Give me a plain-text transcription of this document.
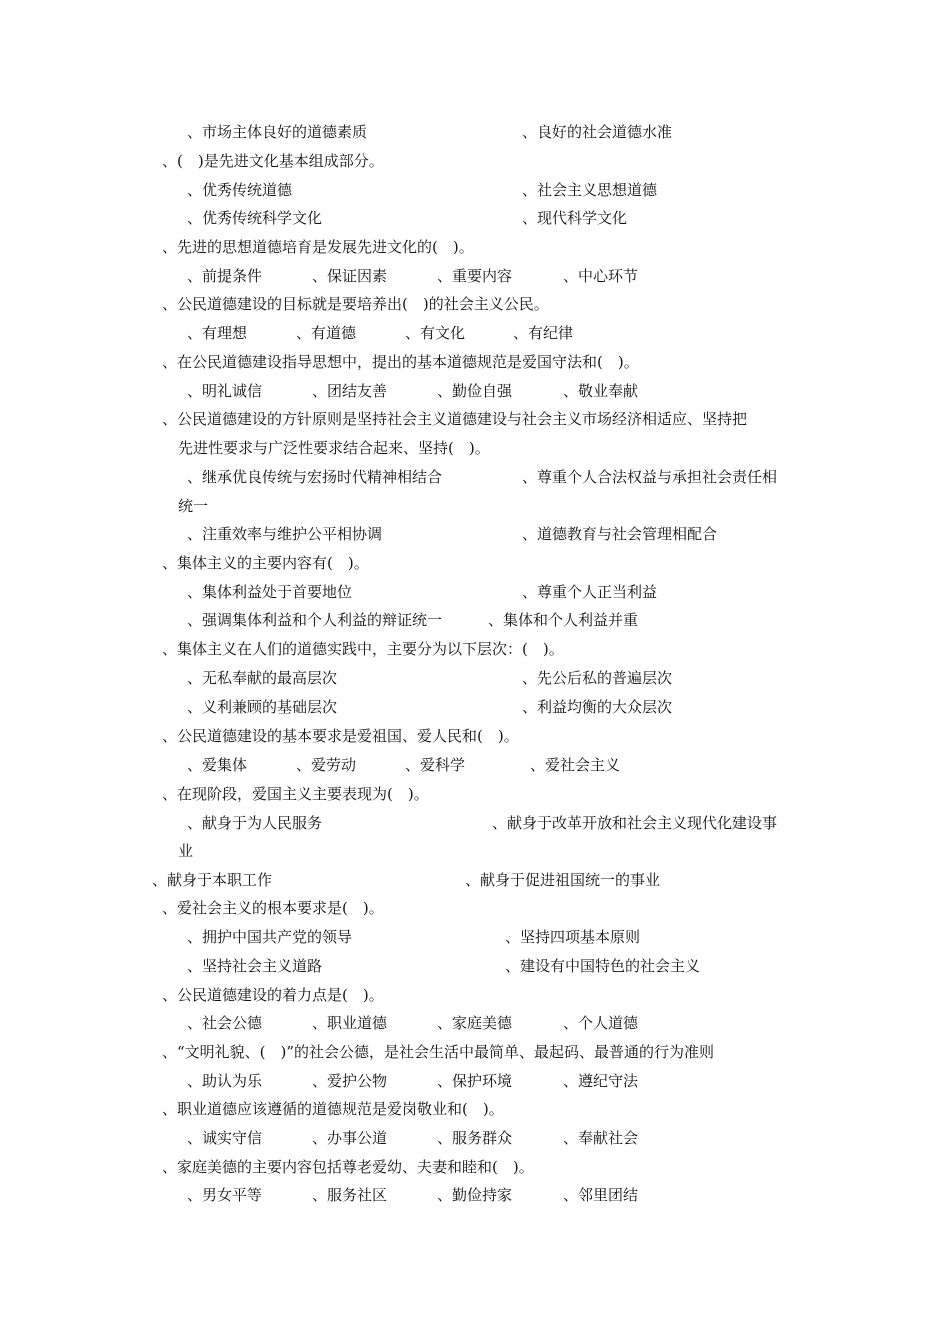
、市场主体良好的道德素质	、良好的社会道德水准
、(　)是先进文化基本组成部分。
、优秀传统道德	、社会主义思想道德
、优秀传统科学文化	、现代科学文化
、先进的思想道德培育是发展先进文化的(　)。
、前提条件	、保证因素	、重要内容	、中心环节
、公民道德建设的目标就是要培养出(　)的社会主义公民。
、有理想	、有道德	、有文化	、有纪律
、在公民道德建设指导思想中，提出的基本道德规范是爱国守法和(　)。
、明礼诚信	、团结友善	、勤俭自强	、敬业奉献
、公民道德建设的方针原则是坚持社会主义道德建设与社会主义市场经济相适应、坚持把
先进性要求与广泛性要求结合起来、坚持(　)。
、继承优良传统与宏扬时代精神相结合	、尊重个人合法权益与承担社会责任相
统一
、注重效率与维护公平相协调	、道德教育与社会管理相配合
、集体主义的主要内容有(　)。
、集体利益处于首要地位	、尊重个人正当利益
、强调集体利益和个人利益的辩证统一	、集体和个人利益并重
、集体主义在人们的道德实践中，主要分为以下层次：(　)。
、无私奉献的最高层次	、先公后私的普遍层次
、义利兼顾的基础层次	、利益均衡的大众层次
、公民道德建设的基本要求是爱祖国、爱人民和(　)。
、爱集体	、爱劳动	、爱科学	、爱社会主义
、在现阶段，爱国主义主要表现为(　)。
、献身于为人民服务	、献身于改革开放和社会主义现代化建设事
业
、献身于本职工作	、献身于促进祖国统一的事业
、爱社会主义的根本要求是(　)。
、拥护中国共产党的领导	、坚持四项基本原则
、坚持社会主义道路	、建设有中国特色的社会主义
、公民道德建设的着力点是(　)。
、社会公德	、职业道德	、家庭美德	、个人道德
、“文明礼貌、(　)”的社会公德，是社会生活中最简单、最起码、最普通的行为准则
、助认为乐	、爱护公物	、保护环境	、遵纪守法
、职业道德应该遵循的道德规范是爱岗敬业和(　)。
、诚实守信	、办事公道	、服务群众	、奉献社会
、家庭美德的主要内容包括尊老爱幼、夫妻和睦和(　)。
、男女平等	、服务社区	、勤俭持家	、邻里团结
